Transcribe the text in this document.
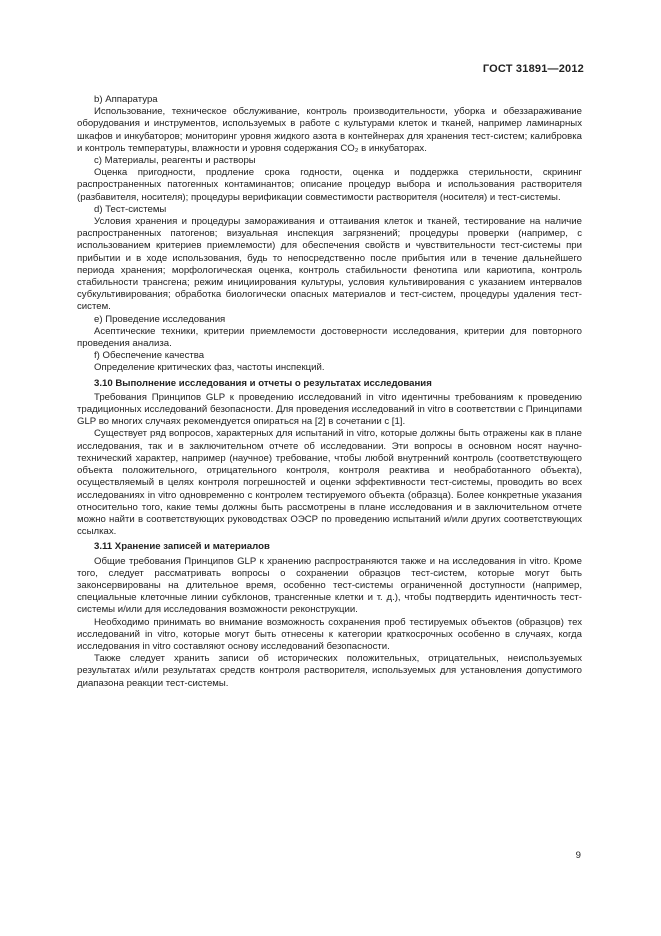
ГОСТ 31891—2012

b) Аппаратура

Использование, техническое обслуживание, контроль производительности, уборка и обеззараживание оборудования и инструментов, используемых в работе с культурами клеток и тканей, например ламинарных шкафов и инкубаторов; мониторинг уровня жидкого азота в контейнерах для хранения тест-систем; калибровка и контроль температуры, влажности и уровня содержания CO₂ в инкубаторах.

c) Материалы, реагенты и растворы

Оценка пригодности, продление срока годности, оценка и поддержка стерильности, скрининг распространенных патогенных контаминантов; описание процедур выбора и использования растворителя (разбавителя, носителя); процедуры верификации совместимости растворителя (носителя) и тест-системы.

d) Тест-системы

Условия хранения и процедуры замораживания и оттаивания клеток и тканей, тестирование на наличие распространенных патогенов; визуальная инспекция загрязнений; процедуры проверки (например, с использованием критериев приемлемости) для обеспечения свойств и чувствительности тест-системы при прибытии и в ходе использования, будь то непосредственно после прибытия или в течение дальнейшего периода хранения; морфологическая оценка, контроль стабильности фенотипа или кариотипа, контроль стабильности трансгена; режим инициирования культуры, условия культивирования с указанием интервалов субкультивирования; обработка биологически опасных материалов и тест-систем, процедуры удаления тест-систем.

e) Проведение исследования

Асептические техники, критерии приемлемости достоверности исследования, критерии для повторного проведения анализа.

f) Обеспечение качества

Определение критических фаз, частоты инспекций.

3.10 Выполнение исследования и отчеты о результатах исследования

Требования Принципов GLP к проведению исследований in vitro идентичны требованиям к проведению традиционных исследований безопасности. Для проведения исследований in vitro в соответствии с Принципами GLP во многих случаях рекомендуется опираться на [2] в сочетании с [1].

Существует ряд вопросов, характерных для испытаний in vitro, которые должны быть отражены как в плане исследования, так и в заключительном отчете об исследовании. Эти вопросы в основном носят научно-технический характер, например (научное) требование, чтобы любой внутренний контроль (соответствующего объекта положительного, отрицательного контроля, контроля реактива и необработанного объекта), осуществляемый в целях контроля погрешностей и оценки эффективности тест-системы, проводить во всех исследованиях in vitro одновременно с контролем тестируемого объекта (образца). Более конкретные указания относительно того, какие темы должны быть рассмотрены в плане исследования и в заключительном отчете можно найти в соответствующих руководствах ОЭСР по проведению испытаний и/или других соответствующих ссылках.

3.11 Хранение записей и материалов

Общие требования Принципов GLP к хранению распространяются также и на исследования in vitro. Кроме того, следует рассматривать вопросы о сохранении образцов тест-систем, которые могут быть законсервированы на длительное время, особенно тест-системы ограниченной доступности (например, специальные клеточные линии субклонов, трансгенные клетки и т. д.), чтобы подтвердить идентичность тест-системы и/или для исследования возможности реконструкции.

Необходимо принимать во внимание возможность сохранения проб тестируемых объектов (образцов) тех исследований in vitro, которые могут быть отнесены к категории краткосрочных особенно в случаях, когда исследования in vitro составляют основу исследований безопасности.

Также следует хранить записи об исторических положительных, отрицательных, неиспользуемых результатах и/или результатах средств контроля растворителя, используемых для установления допустимого диапазона реакции тест-системы.

9
